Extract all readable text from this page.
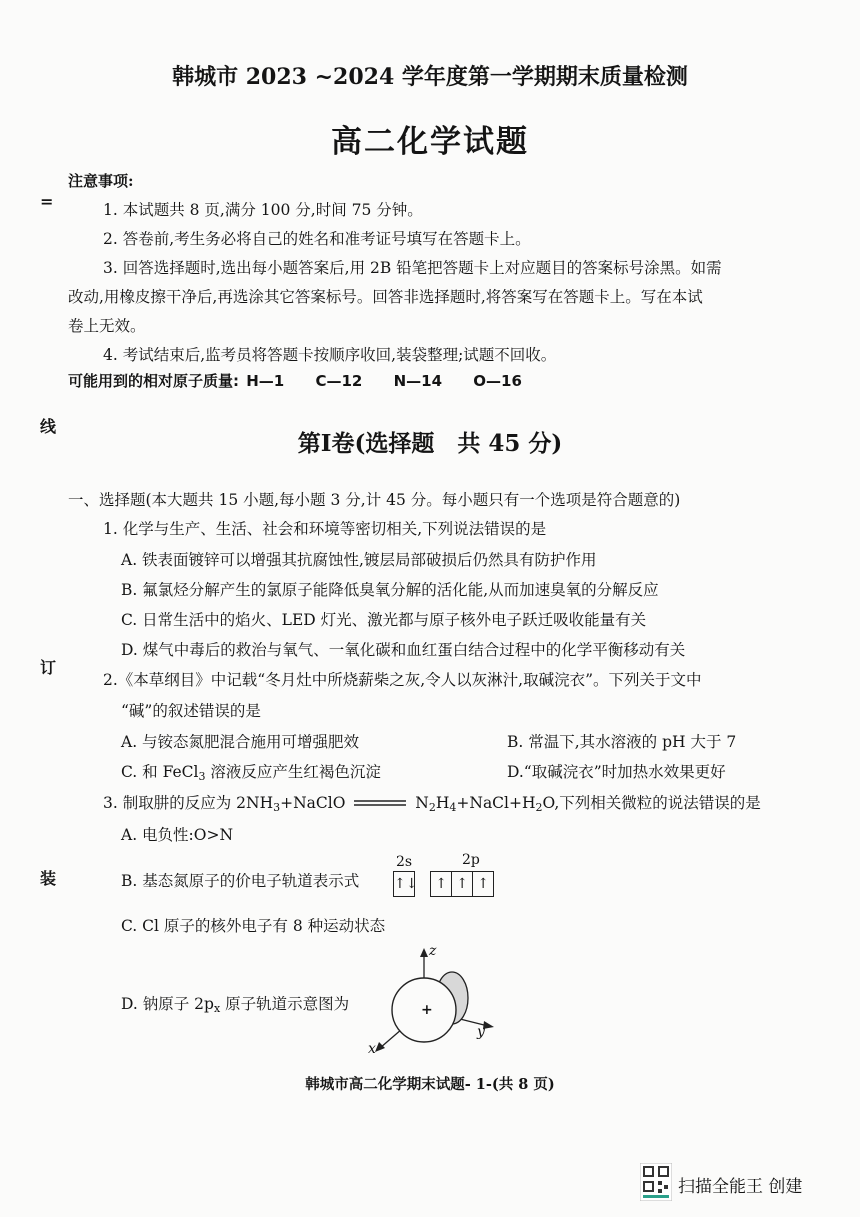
韩城市 2023 ~2024 学年度第一学期期末质量检测
高二化学试题
=
线
订
装
注意事项:
1. 本试题共 8 页,满分 100 分,时间 75 分钟。
2. 答卷前,考生务必将自己的姓名和准考证号填写在答题卡上。
3. 回答选择题时,选出每小题答案后,用 2B 铅笔把答题卡上对应题目的答案标号涂黑。如需
改动,用橡皮擦干净后,再选涂其它答案标号。回答非选择题时,将答案写在答题卡上。写在本试
卷上无效。
4. 考试结束后,监考员将答题卡按顺序收回,装袋整理;试题不回收。
可能用到的相对原子质量: H—1 C—12 N—14 O—16
第Ⅰ卷(选择题　共 45 分)
一、选择题(本大题共 15 小题,每小题 3 分,计 45 分。每小题只有一个选项是符合题意的)
1. 化学与生产、生活、社会和环境等密切相关,下列说法错误的是
A. 铁表面镀锌可以增强其抗腐蚀性,镀层局部破损后仍然具有防护作用
B. 氟氯烃分解产生的氯原子能降低臭氧分解的活化能,从而加速臭氧的分解反应
C. 日常生活中的焰火、LED 灯光、激光都与原子核外电子跃迁吸收能量有关
D. 煤气中毒后的救治与氧气、一氧化碳和血红蛋白结合过程中的化学平衡移动有关
2.《本草纲目》中记载“冬月灶中所烧薪柴之灰,令人以灰淋汁,取碱浣衣”。下列关于文中
“碱”的叙述错误的是
A. 与铵态氮肥混合施用可增强肥效	B. 常温下,其水溶液的 pH 大于 7
C. 和 FeCl$_3$ 溶液反应产生红褐色沉淀	D.“取碱浣衣”时加热水效果更好
3. 制取肼的反应为 $2NH_3+NaClO$	$N_2H_4+NaCl+H_2O$,下列相关微粒的说法错误的是
A. 电负性:O>N
B. 基态氮原子的价电子轨道表示式
2s	2p
↑↓ ↑ ↑ ↑
C. Cl 原子的核外电子有 8 种运动状态
D. 钠原子 $2p_x$ 原子轨道示意图为	+
z
y
x
韩城市高二化学期末试题- 1-(共 8 页)
扫描全能王 创建
